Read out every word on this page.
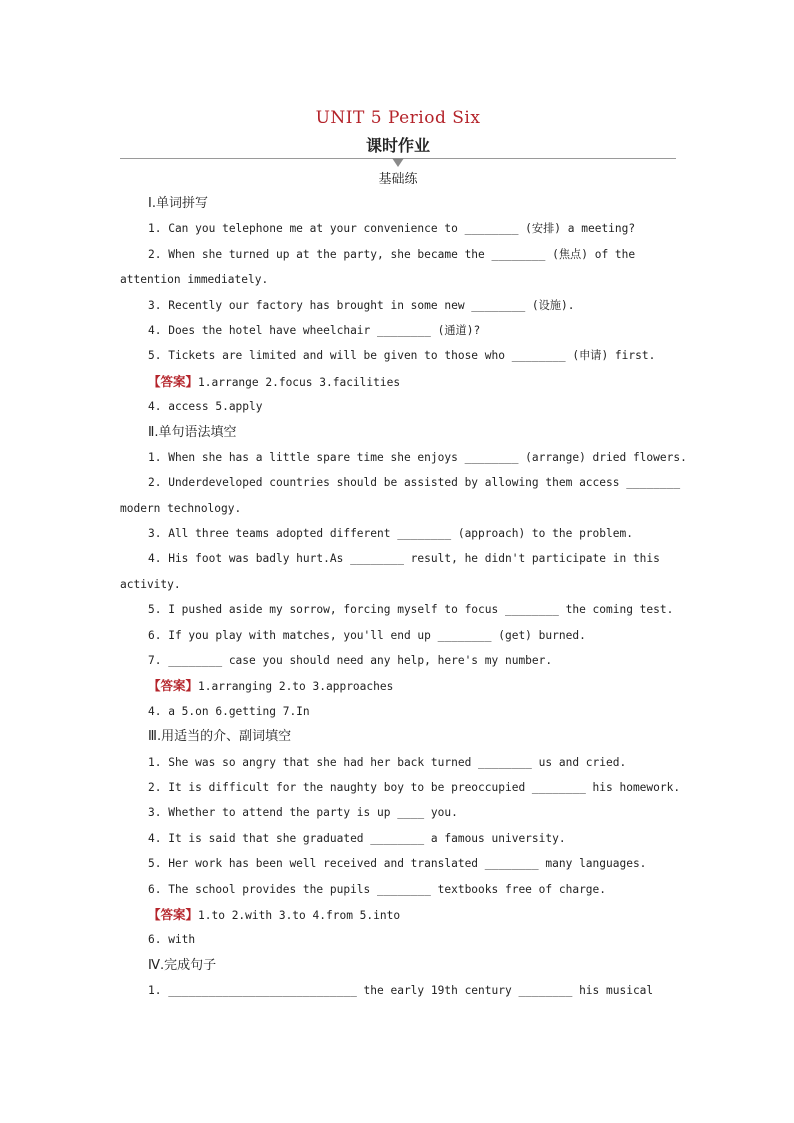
UNIT 5 Period Six
课时作业
基础练
Ⅰ.单词拼写
1. Can you telephone me at your convenience to ________ (安排) a meeting?
2. When she turned up at the party, she became the ________ (焦点) of the
attention immediately.
3. Recently our factory has brought in some new ________ (设施).
4. Does the hotel have wheelchair ________ (通道)?
5. Tickets are limited and will be given to those who ________ (申请) first.
【答案】1.arrange 2.focus 3.facilities
4. access 5.apply
Ⅱ.单句语法填空
1. When she has a little spare time she enjoys ________ (arrange) dried flowers.
2. Underdeveloped countries should be assisted by allowing them access ________
modern technology.
3. All three teams adopted different ________ (approach) to the problem.
4. His foot was badly hurt.As ________ result, he didn't participate in this
activity.
5. I pushed aside my sorrow, forcing myself to focus ________ the coming test.
6. If you play with matches, you'll end up ________ (get) burned.
7. ________ case you should need any help, here's my number.
【答案】1.arranging 2.to 3.approaches
4. a 5.on 6.getting 7.In
Ⅲ.用适当的介、副词填空
1. She was so angry that she had her back turned ________ us and cried.
2. It is difficult for the naughty boy to be preoccupied ________ his homework.
3. Whether to attend the party is up ____ you.
4. It is said that she graduated ________ a famous university.
5. Her work has been well received and translated ________ many languages.
6. The school provides the pupils ________ textbooks free of charge.
【答案】1.to 2.with 3.to 4.from 5.into
6. with
Ⅳ.完成句子
1. ____________________________ the early 19th century ________ his musical
